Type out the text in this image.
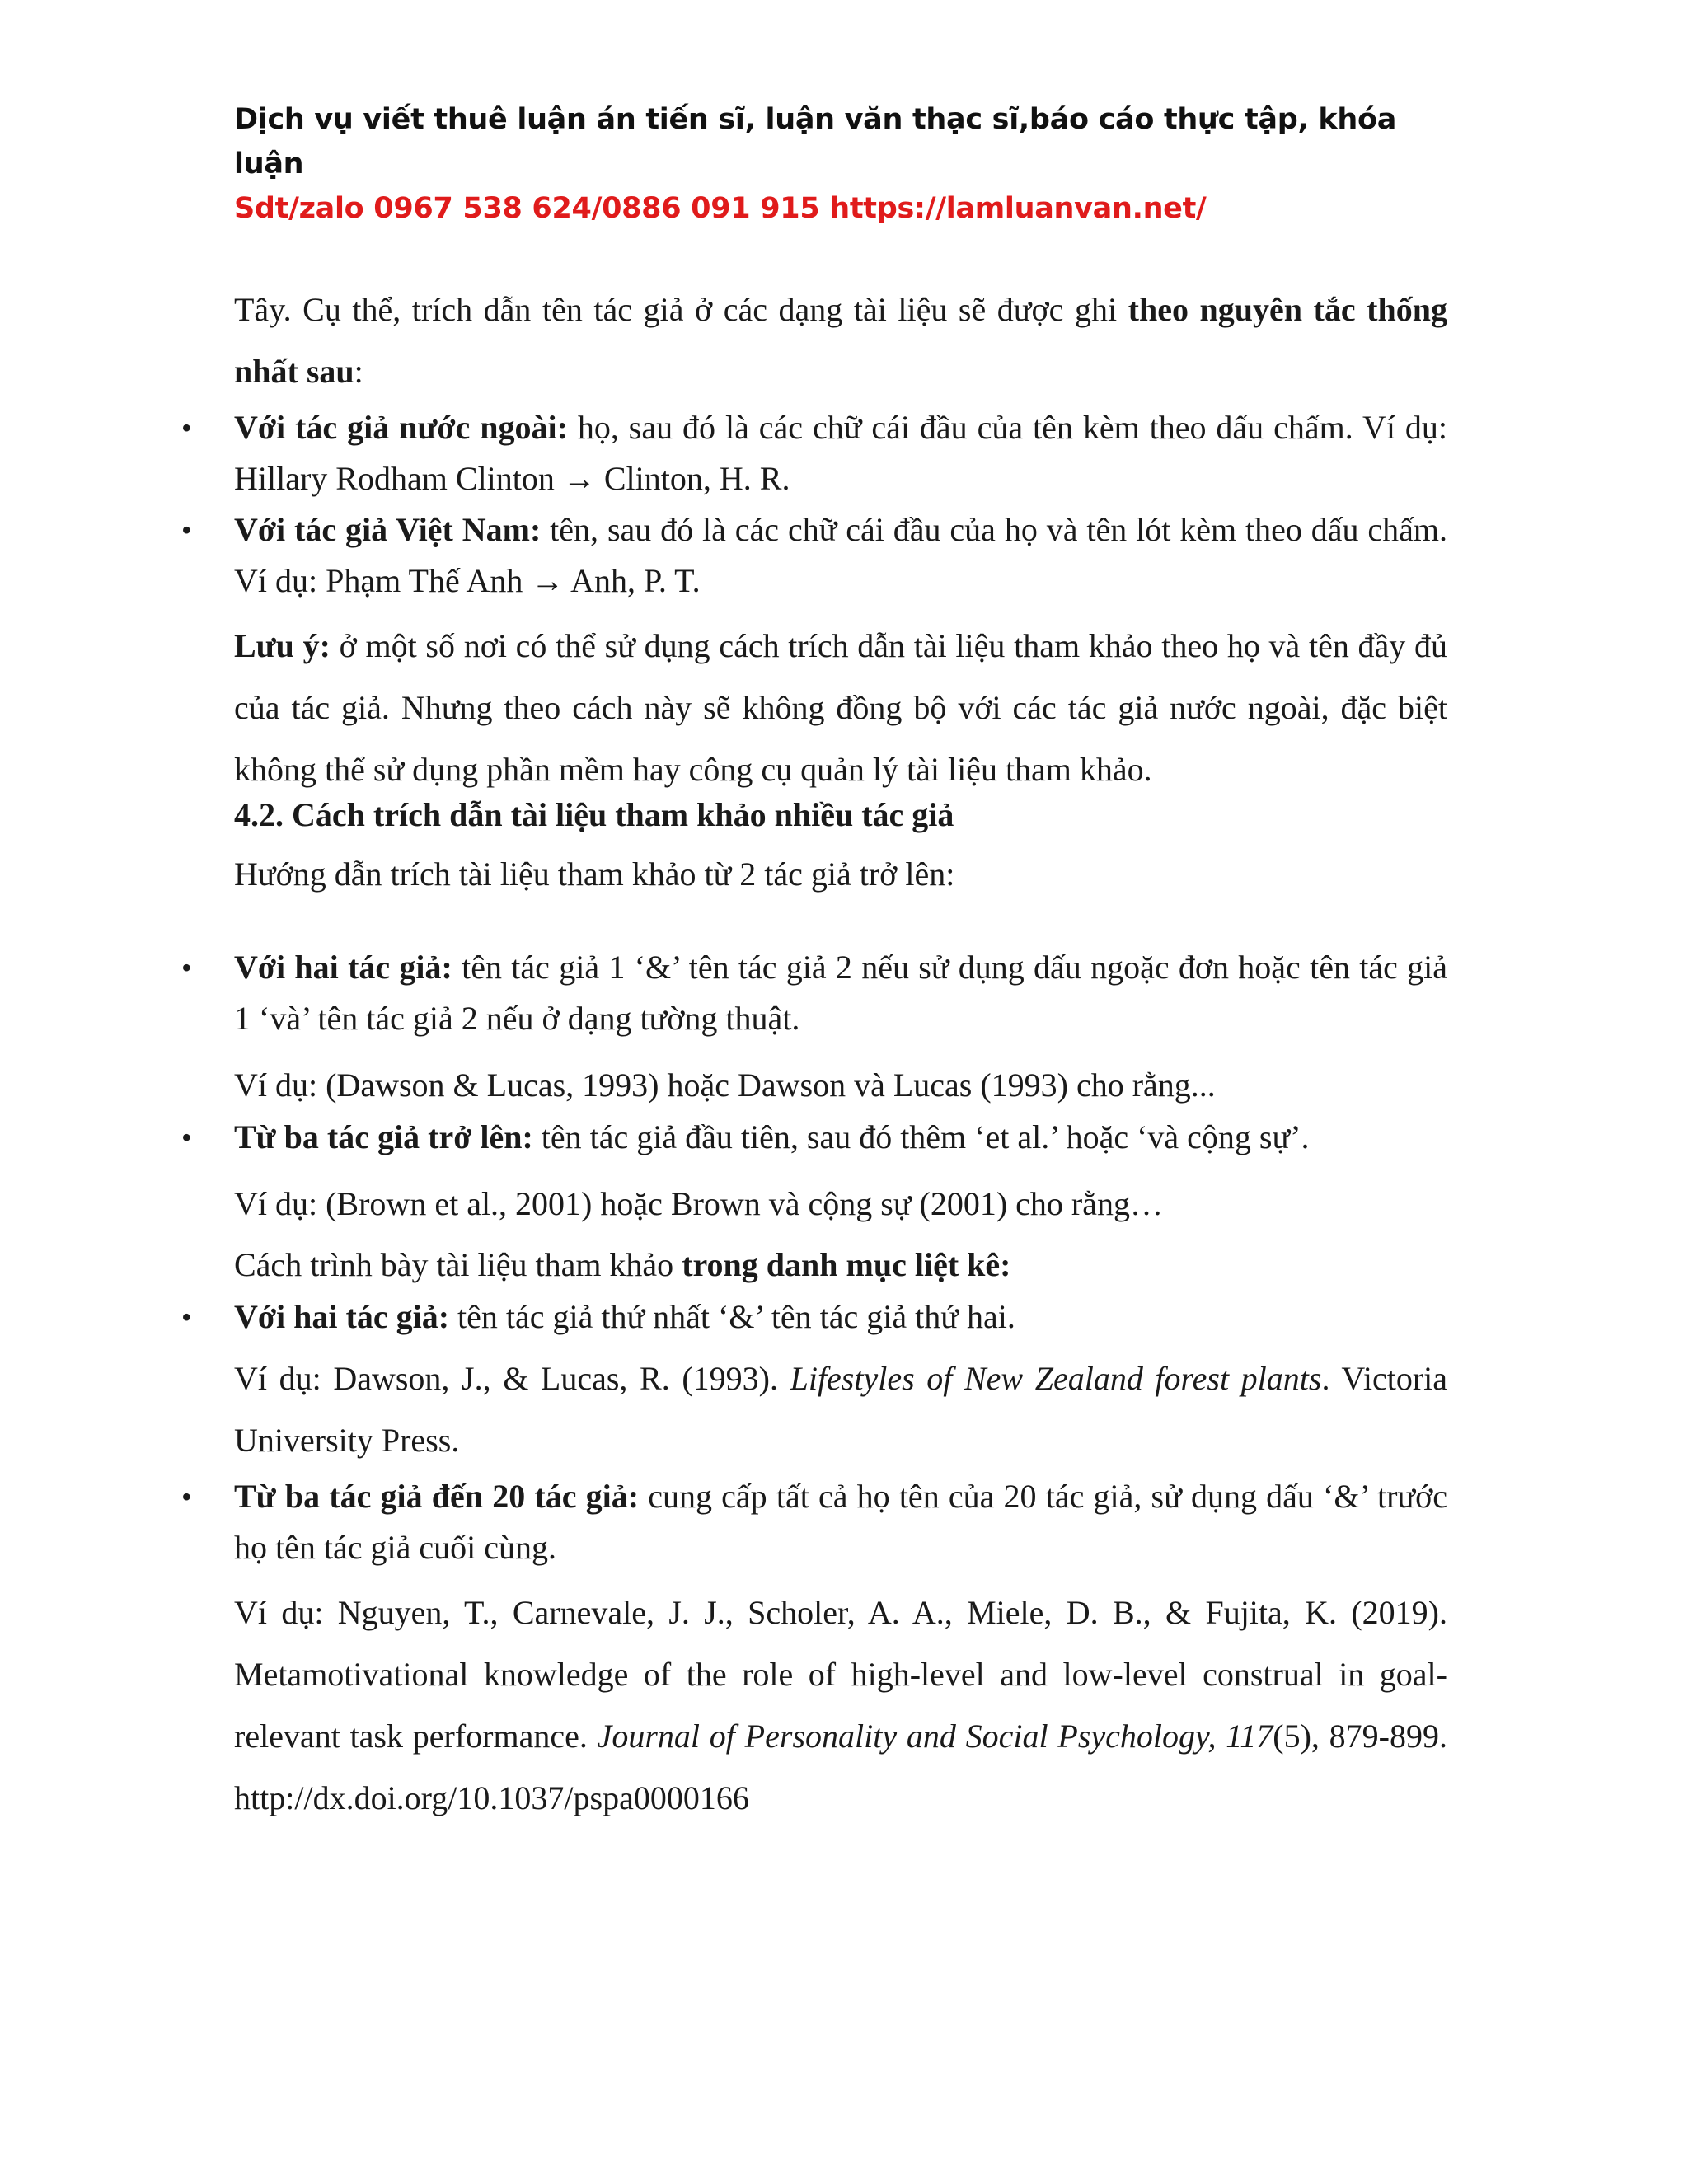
Dịch vụ viết thuê luận án tiến sĩ, luận văn thạc sĩ,báo cáo thực tập, khóa luận
Sdt/zalo 0967 538 624/0886 091 915 https://lamluanvan.net/

Tây. Cụ thể, trích dẫn tên tác giả ở các dạng tài liệu sẽ được ghi theo nguyên tắc thống nhất sau:

• Với tác giả nước ngoài: họ, sau đó là các chữ cái đầu của tên kèm theo dấu chấm. Ví dụ: Hillary Rodham Clinton → Clinton, H. R.

• Với tác giả Việt Nam: tên, sau đó là các chữ cái đầu của họ và tên lót kèm theo dấu chấm. Ví dụ: Phạm Thế Anh → Anh, P. T.

Lưu ý: ở một số nơi có thể sử dụng cách trích dẫn tài liệu tham khảo theo họ và tên đầy đủ của tác giả. Nhưng theo cách này sẽ không đồng bộ với các tác giả nước ngoài, đặc biệt không thể sử dụng phần mềm hay công cụ quản lý tài liệu tham khảo.

4.2. Cách trích dẫn tài liệu tham khảo nhiều tác giả

Hướng dẫn trích tài liệu tham khảo từ 2 tác giả trở lên:

• Với hai tác giả: tên tác giả 1 ‘&’ tên tác giả 2 nếu sử dụng dấu ngoặc đơn hoặc tên tác giả 1 ‘và’ tên tác giả 2 nếu ở dạng tường thuật.

Ví dụ: (Dawson & Lucas, 1993) hoặc Dawson và Lucas (1993) cho rằng...

• Từ ba tác giả trở lên: tên tác giả đầu tiên, sau đó thêm ‘et al.’ hoặc ‘và cộng sự’.

Ví dụ: (Brown et al., 2001) hoặc Brown và cộng sự (2001) cho rằng…

Cách trình bày tài liệu tham khảo trong danh mục liệt kê:

• Với hai tác giả: tên tác giả thứ nhất ‘&’ tên tác giả thứ hai.

Ví dụ: Dawson, J., & Lucas, R. (1993). Lifestyles of New Zealand forest plants. Victoria University Press.

• Từ ba tác giả đến 20 tác giả: cung cấp tất cả họ tên của 20 tác giả, sử dụng dấu ‘&’ trước họ tên tác giả cuối cùng.

Ví dụ: Nguyen, T., Carnevale, J. J., Scholer, A. A., Miele, D. B., & Fujita, K. (2019). Metamotivational knowledge of the role of high-level and low-level construal in goal-relevant task performance. Journal of Personality and Social Psychology, 117(5), 879-899. http://dx.doi.org/10.1037/pspa0000166
